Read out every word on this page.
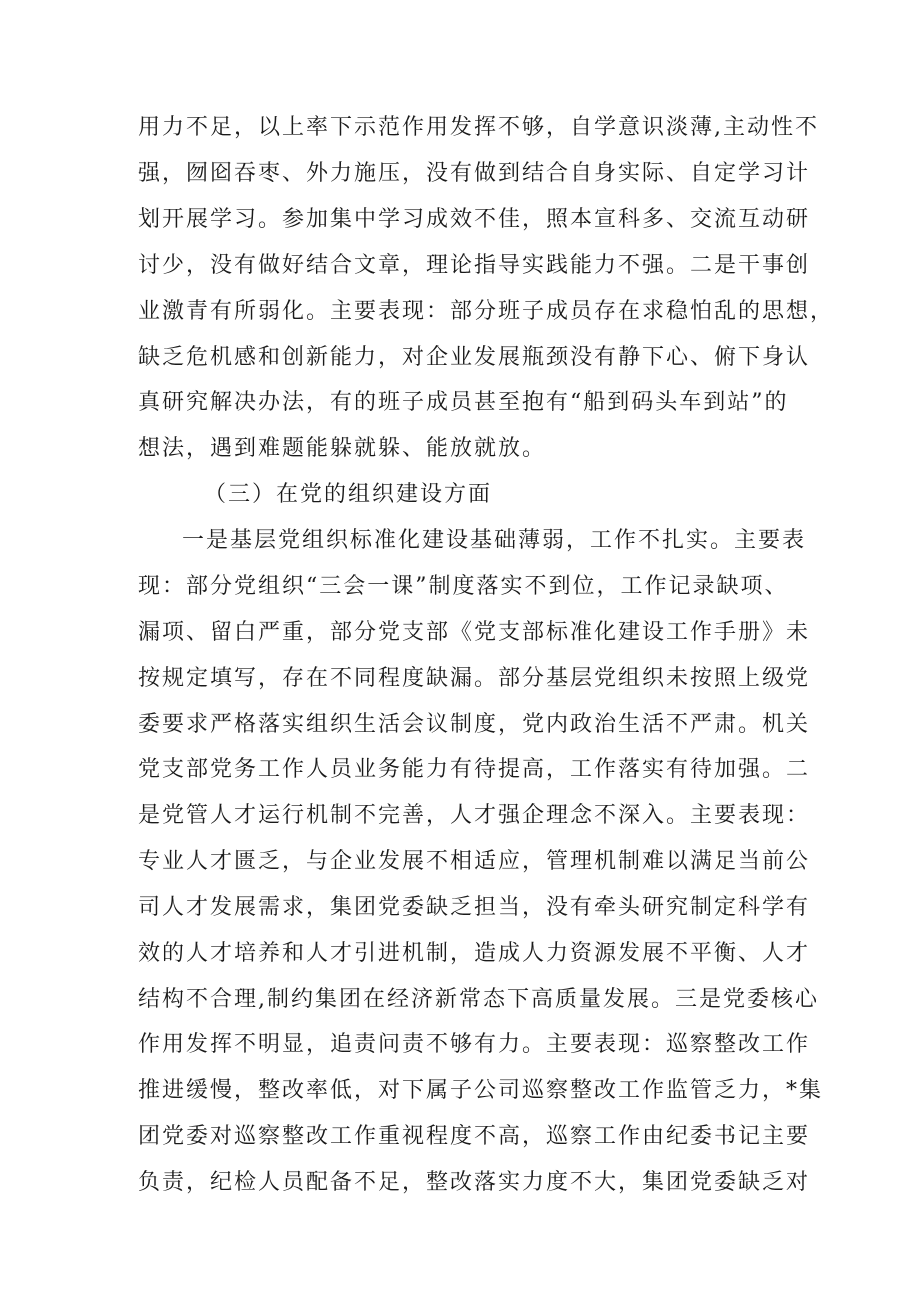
用力不足，以上率下示范作用发挥不够，自学意识淡薄,主动性不
强，囫囵吞枣、外力施压，没有做到结合自身实际、自定学习计
划开展学习。参加集中学习成效不佳，照本宣科多、交流互动研
讨少，没有做好结合文章，理论指导实践能力不强。二是干事创
业激青有所弱化。主要表现：部分班子成员存在求稳怕乱的思想，
缺乏危机感和创新能力，对企业发展瓶颈没有静下心、俯下身认
真研究解决办法，有的班子成员甚至抱有“船到码头车到站”的
想法，遇到难题能躲就躲、能放就放。
（三）在党的组织建设方面
一是基层党组织标准化建设基础薄弱，工作不扎实。主要表
现：部分党组织“三会一课”制度落实不到位，工作记录缺项、
漏项、留白严重，部分党支部《党支部标准化建设工作手册》未
按规定填写，存在不同程度缺漏。部分基层党组织未按照上级党
委要求严格落实组织生活会议制度，党内政治生活不严肃。机关
党支部党务工作人员业务能力有待提高，工作落实有待加强。二
是党管人才运行机制不完善，人才强企理念不深入。主要表现：
专业人才匮乏，与企业发展不相适应，管理机制难以满足当前公
司人才发展需求，集团党委缺乏担当，没有牵头研究制定科学有
效的人才培养和人才引进机制，造成人力资源发展不平衡、人才
结构不合理,制约集团在经济新常态下高质量发展。三是党委核心
作用发挥不明显，追责问责不够有力。主要表现：巡察整改工作
推进缓慢，整改率低，对下属子公司巡察整改工作监管乏力，*集
团党委对巡察整改工作重视程度不高，巡察工作由纪委书记主要
负责，纪检人员配备不足，整改落实力度不大，集团党委缺乏对
